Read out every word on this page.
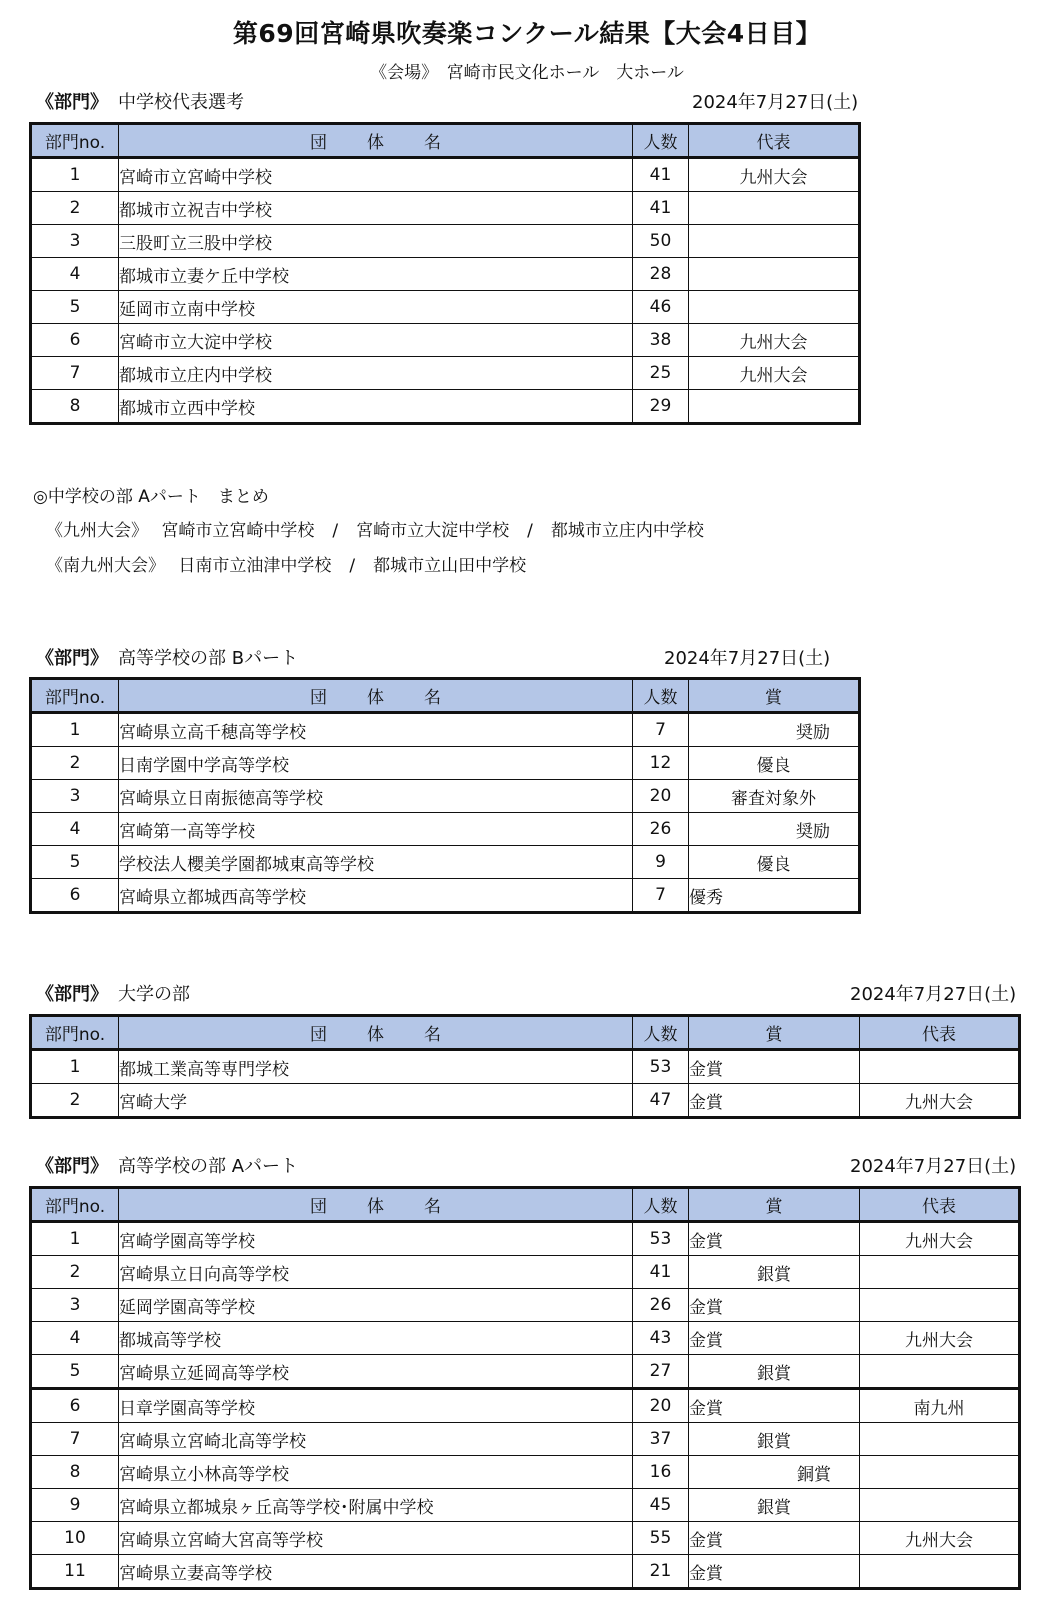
第69回宮崎県吹奏楽コンクール結果【大会4日目】
《会場》　宮崎市民文化ホール　大ホール
《部門》 中学校代表選考	2024年7月27日(土)
部門no.	団 体 名	人数	代表
1	宮崎市立宮崎中学校	41	九州大会
2	都城市立祝吉中学校	41	
3	三股町立三股中学校	50	
4	都城市立妻ケ丘中学校	28	
5	延岡市立南中学校	46	
6	宮崎市立大淀中学校	38	九州大会
7	都城市立庄内中学校	25	九州大会
8	都城市立西中学校	29	
◎中学校の部 Aパート　まとめ
《九州大会》 宮崎市立宮崎中学校 / 宮崎市立大淀中学校 / 都城市立庄内中学校
《南九州大会》 日南市立油津中学校 / 都城市立山田中学校
《部門》 高等学校の部 Bパート	2024年7月27日(土)
部門no.	団 体 名	人数	賞
1	宮崎県立高千穂高等学校	7	奨励
2	日南学園中学高等学校	12	優良
3	宮崎県立日南振徳高等学校	20	審査対象外
4	宮崎第一高等学校	26	奨励
5	学校法人櫻美学園都城東高等学校	9	優良
6	宮崎県立都城西高等学校	7	優秀
《部門》 大学の部	2024年7月27日(土)
部門no.	団 体 名	人数	賞	代表
1	都城工業高等専門学校	53	金賞	
2	宮崎大学	47	金賞	九州大会
《部門》 高等学校の部 Aパート	2024年7月27日(土)
部門no.	団 体 名	人数	賞	代表
1	宮崎学園高等学校	53	金賞	九州大会
2	宮崎県立日向高等学校	41	銀賞	
3	延岡学園高等学校	26	金賞	
4	都城高等学校	43	金賞	九州大会
5	宮崎県立延岡高等学校	27	銀賞	
6	日章学園高等学校	20	金賞	南九州
7	宮崎県立宮崎北高等学校	37	銀賞	
8	宮崎県立小林高等学校	16	銅賞	
9	宮崎県立都城泉ヶ丘高等学校･附属中学校	45	銀賞	
10	宮崎県立宮崎大宮高等学校	55	金賞	九州大会
11	宮崎県立妻高等学校	21	金賞	
